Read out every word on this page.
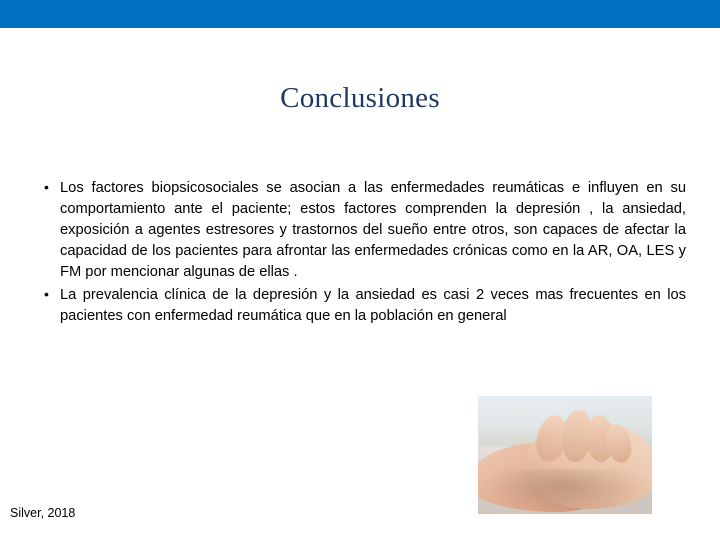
Conclusiones
• Los factores biopsicosociales se asocian a las enfermedades reumáticas e influyen en su comportamiento ante el paciente; estos factores comprenden la depresión , la ansiedad, exposición a agentes estresores y trastornos del sueño entre otros, son capaces de afectar la capacidad de los pacientes para afrontar las enfermedades crónicas como en la AR, OA, LES y FM por mencionar algunas de ellas .
• La prevalencia clínica de la depresión y la ansiedad es casi 2 veces mas frecuentes en los pacientes con enfermedad reumática que en la población en general
Silver, 2018
